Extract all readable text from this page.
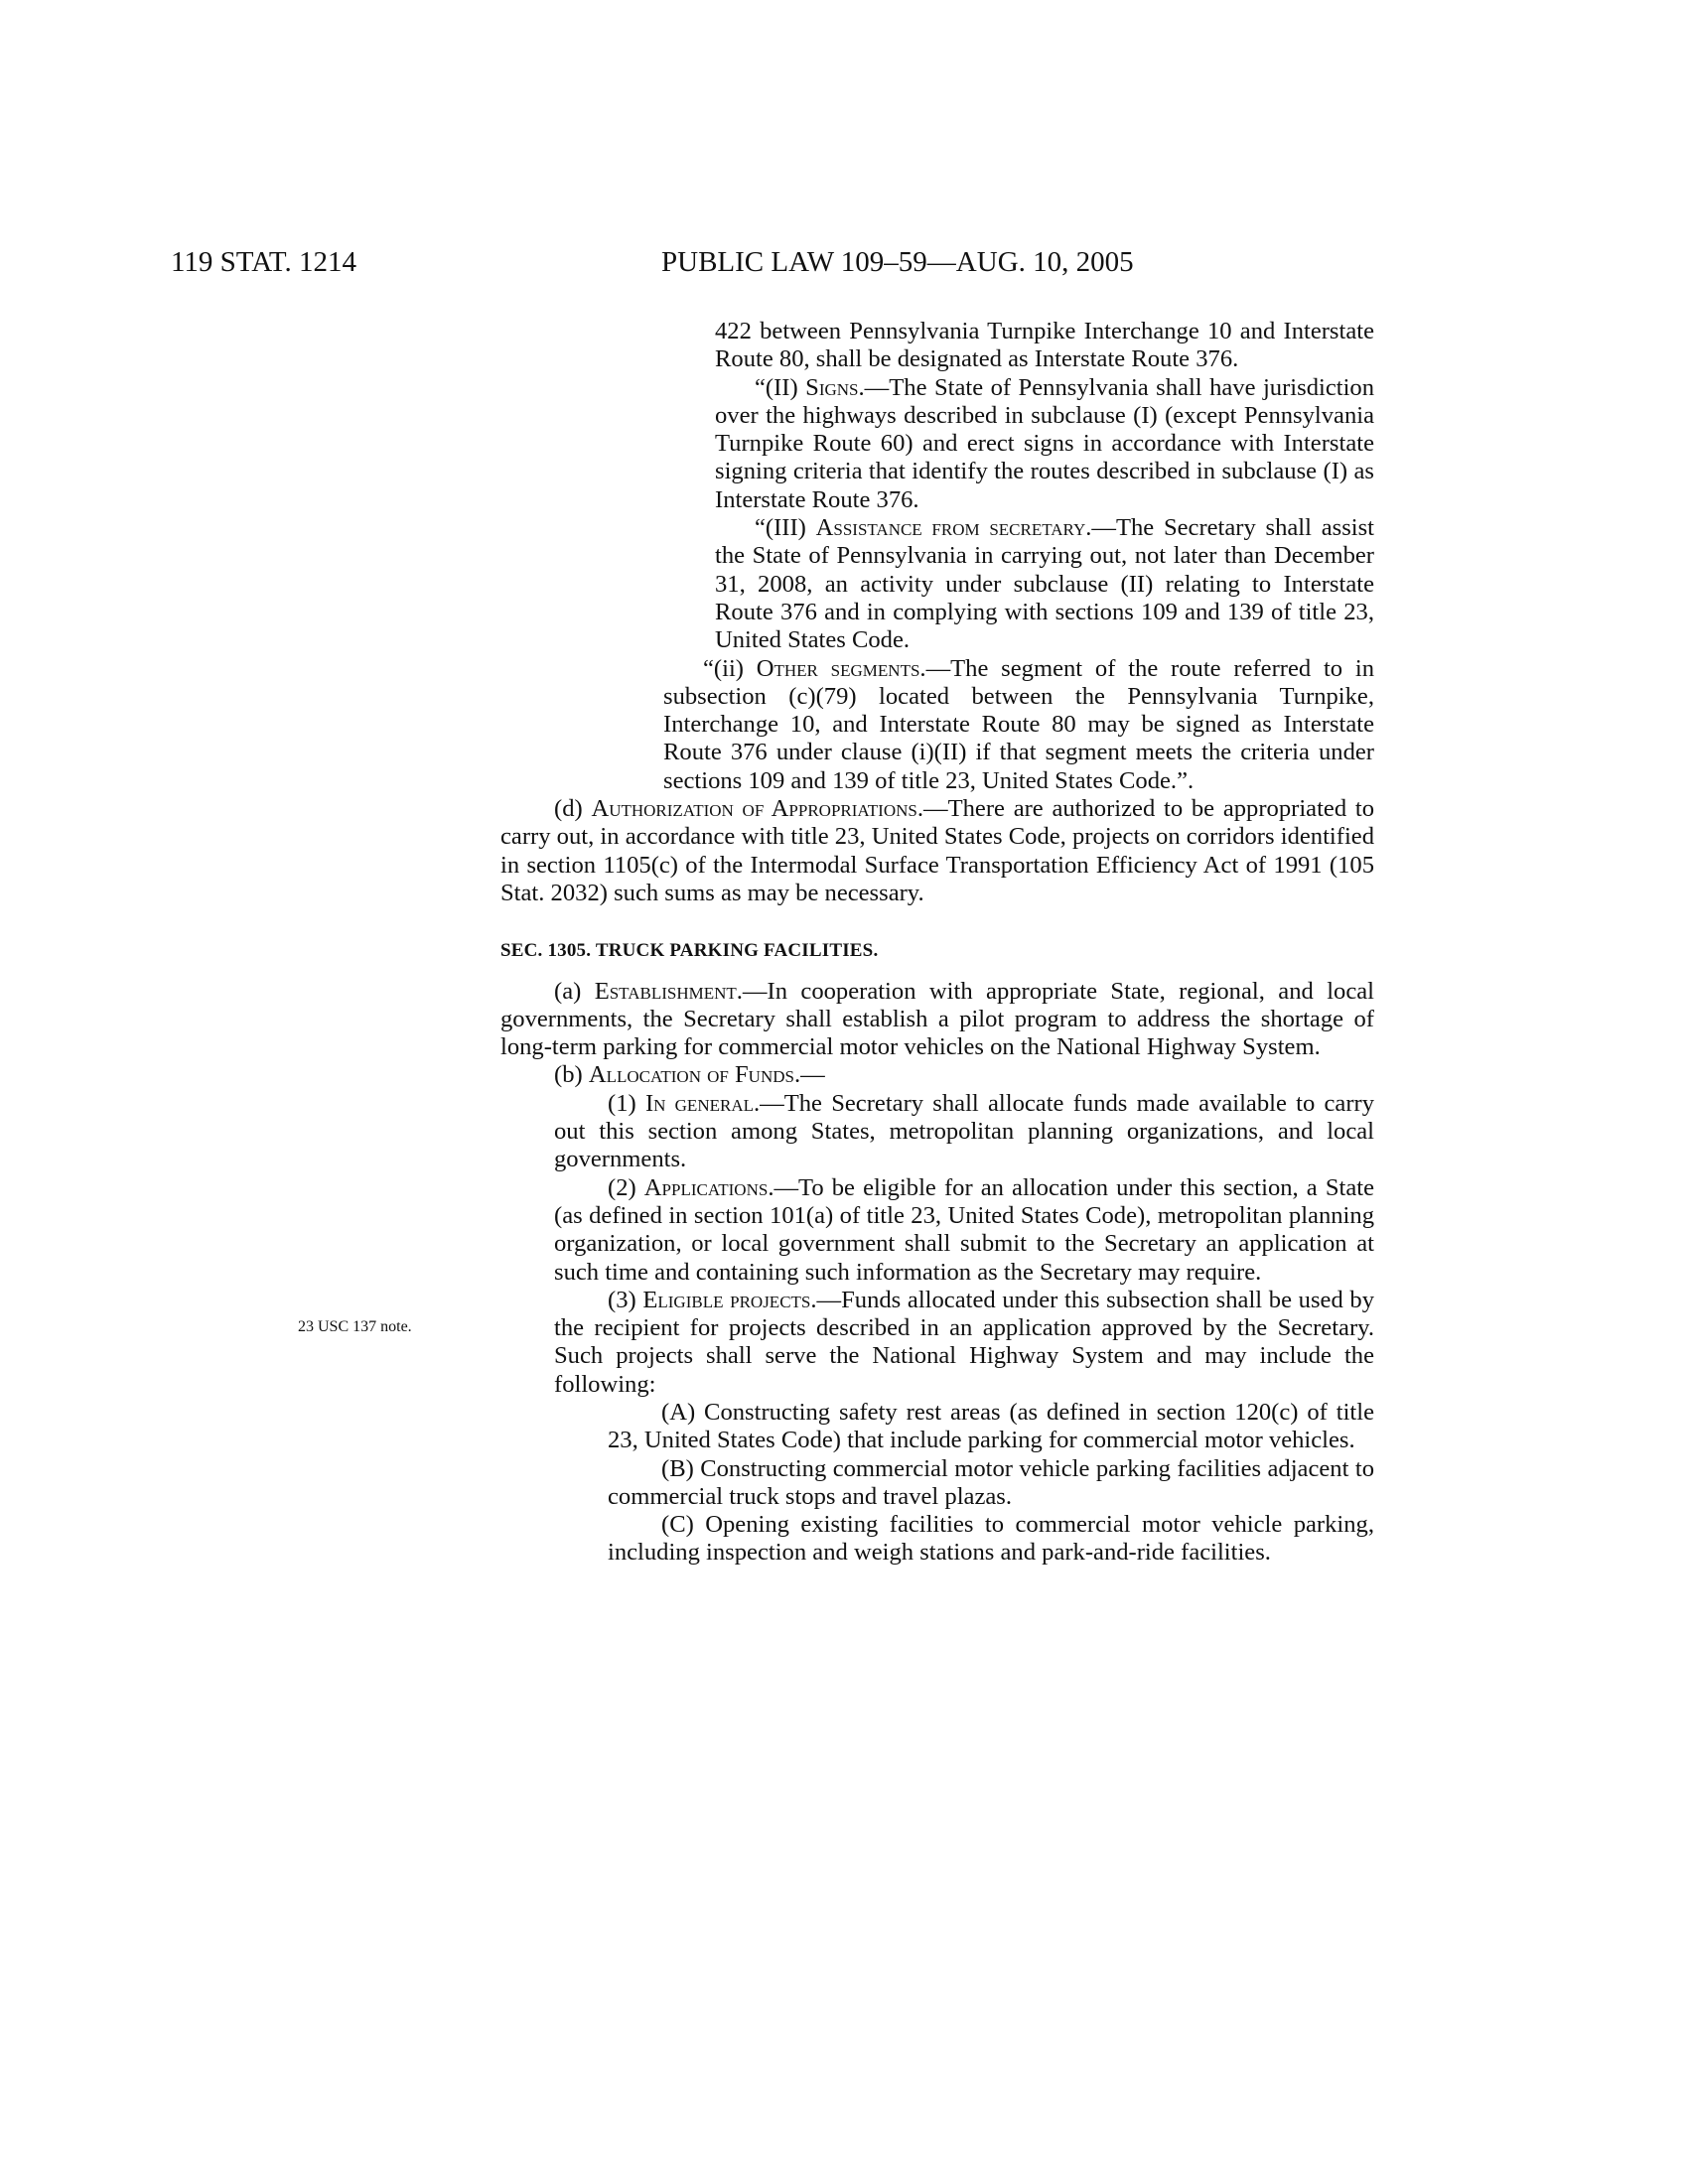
119 STAT. 1214	PUBLIC LAW 109–59—AUG. 10, 2005
23 USC 137 note.

422 between Pennsylvania Turnpike Interchange 10 and Interstate Route 80, shall be designated as Interstate Route 376.

“(II) Signs.—The State of Pennsylvania shall have jurisdiction over the highways described in subclause (I) (except Pennsylvania Turnpike Route 60) and erect signs in accordance with Interstate signing criteria that identify the routes described in subclause (I) as Interstate Route 376.

“(III) Assistance from secretary.—The Secretary shall assist the State of Pennsylvania in carrying out, not later than December 31, 2008, an activity under subclause (II) relating to Interstate Route 376 and in complying with sections 109 and 139 of title 23, United States Code.

“(ii) Other segments.—The segment of the route referred to in subsection (c)(79) located between the Pennsylvania Turnpike, Interchange 10, and Interstate Route 80 may be signed as Interstate Route 376 under clause (i)(II) if that segment meets the criteria under sections 109 and 139 of title 23, United States Code.”.

(d) Authorization of Appropriations.—There are authorized to be appropriated to carry out, in accordance with title 23, United States Code, projects on corridors identified in section 1105(c) of the Intermodal Surface Transportation Efficiency Act of 1991 (105 Stat. 2032) such sums as may be necessary.

SEC. 1305. TRUCK PARKING FACILITIES.

(a) Establishment.—In cooperation with appropriate State, regional, and local governments, the Secretary shall establish a pilot program to address the shortage of long-term parking for commercial motor vehicles on the National Highway System.

(b) Allocation of Funds.—

(1) In general.—The Secretary shall allocate funds made available to carry out this section among States, metropolitan planning organizations, and local governments.

(2) Applications.—To be eligible for an allocation under this section, a State (as defined in section 101(a) of title 23, United States Code), metropolitan planning organization, or local government shall submit to the Secretary an application at such time and containing such information as the Secretary may require.

(3) Eligible projects.—Funds allocated under this subsection shall be used by the recipient for projects described in an application approved by the Secretary. Such projects shall serve the National Highway System and may include the following:

(A) Constructing safety rest areas (as defined in section 120(c) of title 23, United States Code) that include parking for commercial motor vehicles.

(B) Constructing commercial motor vehicle parking facilities adjacent to commercial truck stops and travel plazas.

(C) Opening existing facilities to commercial motor vehicle parking, including inspection and weigh stations and park-and-ride facilities.
